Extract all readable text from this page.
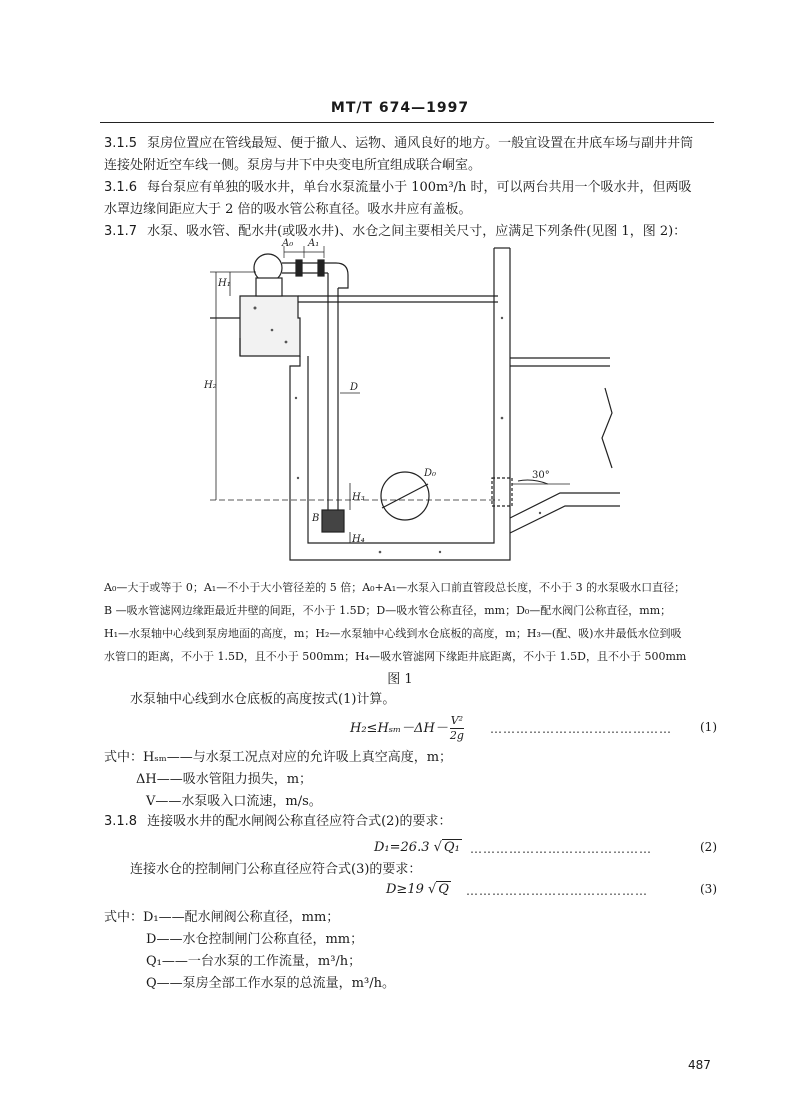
MT/T 674—1997
3.1.5 泵房位置应在管线最短、便于撤人、运物、通风良好的地方。一般宜设置在井底车场与副井井筒
连接处附近空车线一侧。泵房与井下中央变电所宜组成联合峒室。
3.1.6 每台泵应有单独的吸水井，单台水泵流量小于 100m³/h 时，可以两台共用一个吸水井，但两吸
水罩边缘间距应大于 2 倍的吸水管公称直径。吸水井应有盖板。
3.1.7 水泵、吸水管、配水井(或吸水井)、水仓之间主要相关尺寸，应满足下列条件(见图 1，图 2)：
A₀ A₁
H₁
H₂
H₃
H₄
D
D₀
B
30°
A₀—大于或等于 0；A₁—不小于大小管径差的 5 倍；A₀+A₁—水泵入口前直管段总长度，不小于 3 的水泵吸水口直径；
B —吸水管滤网边缘距最近井壁的间距，不小于 1.5D；D—吸水管公称直径，mm；D₀—配水阀门公称直径，mm；
H₁—水泵轴中心线到泵房地面的高度，m；H₂—水泵轴中心线到水仓底板的高度，m；H₃—(配、吸)水井最低水位到吸
水管口的距离，不小于 1.5D，且不小于 500mm；H₄—吸水管滤网下缘距井底距离，不小于 1.5D，且不小于 500mm
图 1
水泵轴中心线到水仓底板的高度按式(1)计算。
$H_2\le H_{sm}-\Delta H- \frac{\text{V²}}{2g}$ …………………………………… (1)
式中：Hₛₘ——与水泵工况点对应的允许吸上真空高度，m；
ΔH——吸水管阻力损失，m；
V——水泵吸入口流速，m/s。
3.1.8 连接吸水井的配水闸阀公称直径应符合式(2)的要求：
D₁=26.3 √ Q₁ ……………………………………	(2)
连接水仓的控制闸门公称直径应符合式(3)的要求：
D≥19 √ Q ……………………………………	(3)
式中：D₁——配水闸阀公称直径，mm；
D——水仓控制闸门公称直径，mm；
Q₁——一台水泵的工作流量，m³/h；
Q——泵房全部工作水泵的总流量，m³/h。
487
